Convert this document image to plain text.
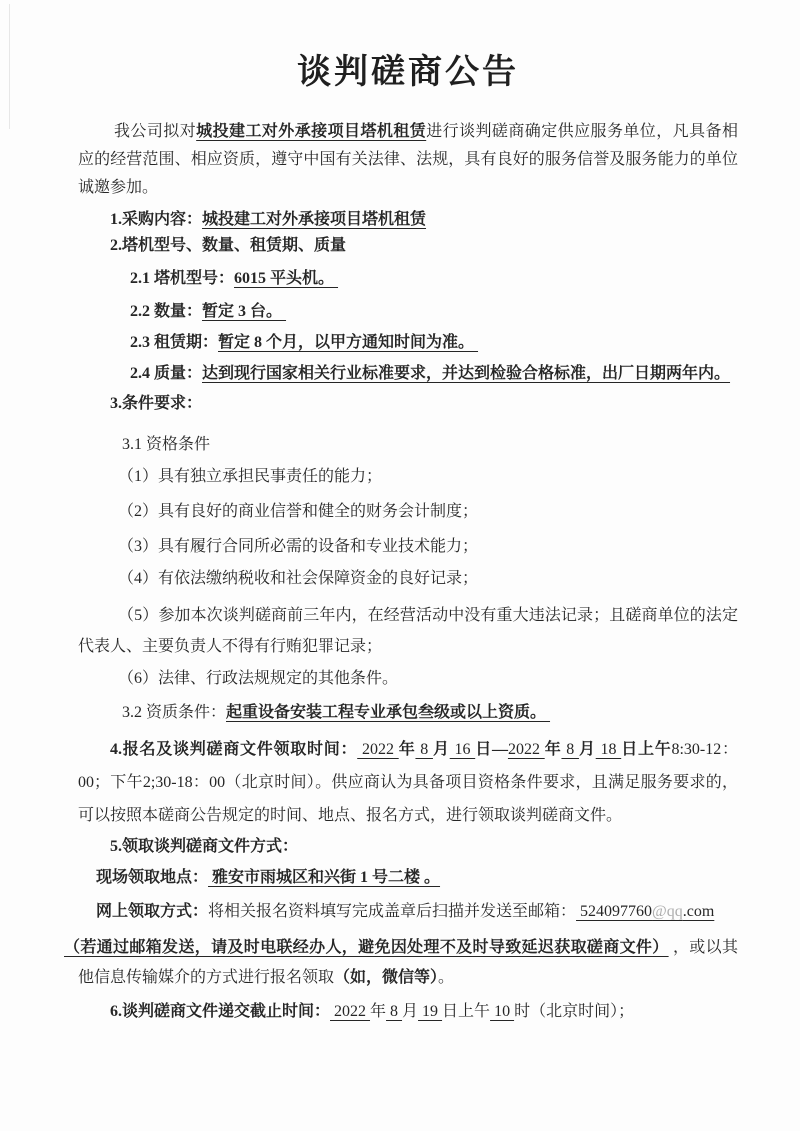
谈判磋商公告

我公司拟对城投建工对外承接项目塔机租赁进行谈判磋商确定供应服务单位，凡具备相应的经营范围、相应资质，遵守中国有关法律、法规，具有良好的服务信誉及服务能力的单位诚邀参加。

1.采购内容：城投建工对外承接项目塔机租赁

2.塔机型号、数量、租赁期、质量

2.1 塔机型号：6015 平头机。

2.2 数量：暂定 3 台。

2.3 租赁期：暂定 8 个月，以甲方通知时间为准。

2.4 质量：达到现行国家相关行业标准要求，并达到检验合格标准，出厂日期两年内。

3.条件要求：

3.1 资格条件

（1）具有独立承担民事责任的能力；

（2）具有良好的商业信誉和健全的财务会计制度；

（3）具有履行合同所必需的设备和专业技术能力；

（4）有依法缴纳税收和社会保障资金的良好记录；

（5）参加本次谈判磋商前三年内，在经营活动中没有重大违法记录；且磋商单位的法定代表人、主要负责人不得有行贿犯罪记录；

（6）法律、行政法规规定的其他条件。

3.2 资质条件：起重设备安装工程专业承包叁级或以上资质。

4.报名及谈判磋商文件领取时间： 2022 年 8 月 16 日—2022 年 8 月 18 日上午8:30-12：00；下午2;30-18：00（北京时间）。供应商认为具备项目资格条件要求，且满足服务要求的，可以按照本磋商公告规定的时间、地点、报名方式，进行领取谈判磋商文件。

5.领取谈判磋商文件方式：

现场领取地点： 雅安市雨城区和兴街 1 号二楼 。

网上领取方式：将相关报名资料填写完成盖章后扫描并发送至邮箱： 524097760@qq.com

（若通过邮箱发送，请及时电联经办人，避免因处理不及时导致延迟获取磋商文件） ，或以其他信息传输媒介的方式进行报名领取（如，微信等）。

6.谈判磋商文件递交截止时间： 2022 年 8 月 19 日上午 10 时（北京时间）；
